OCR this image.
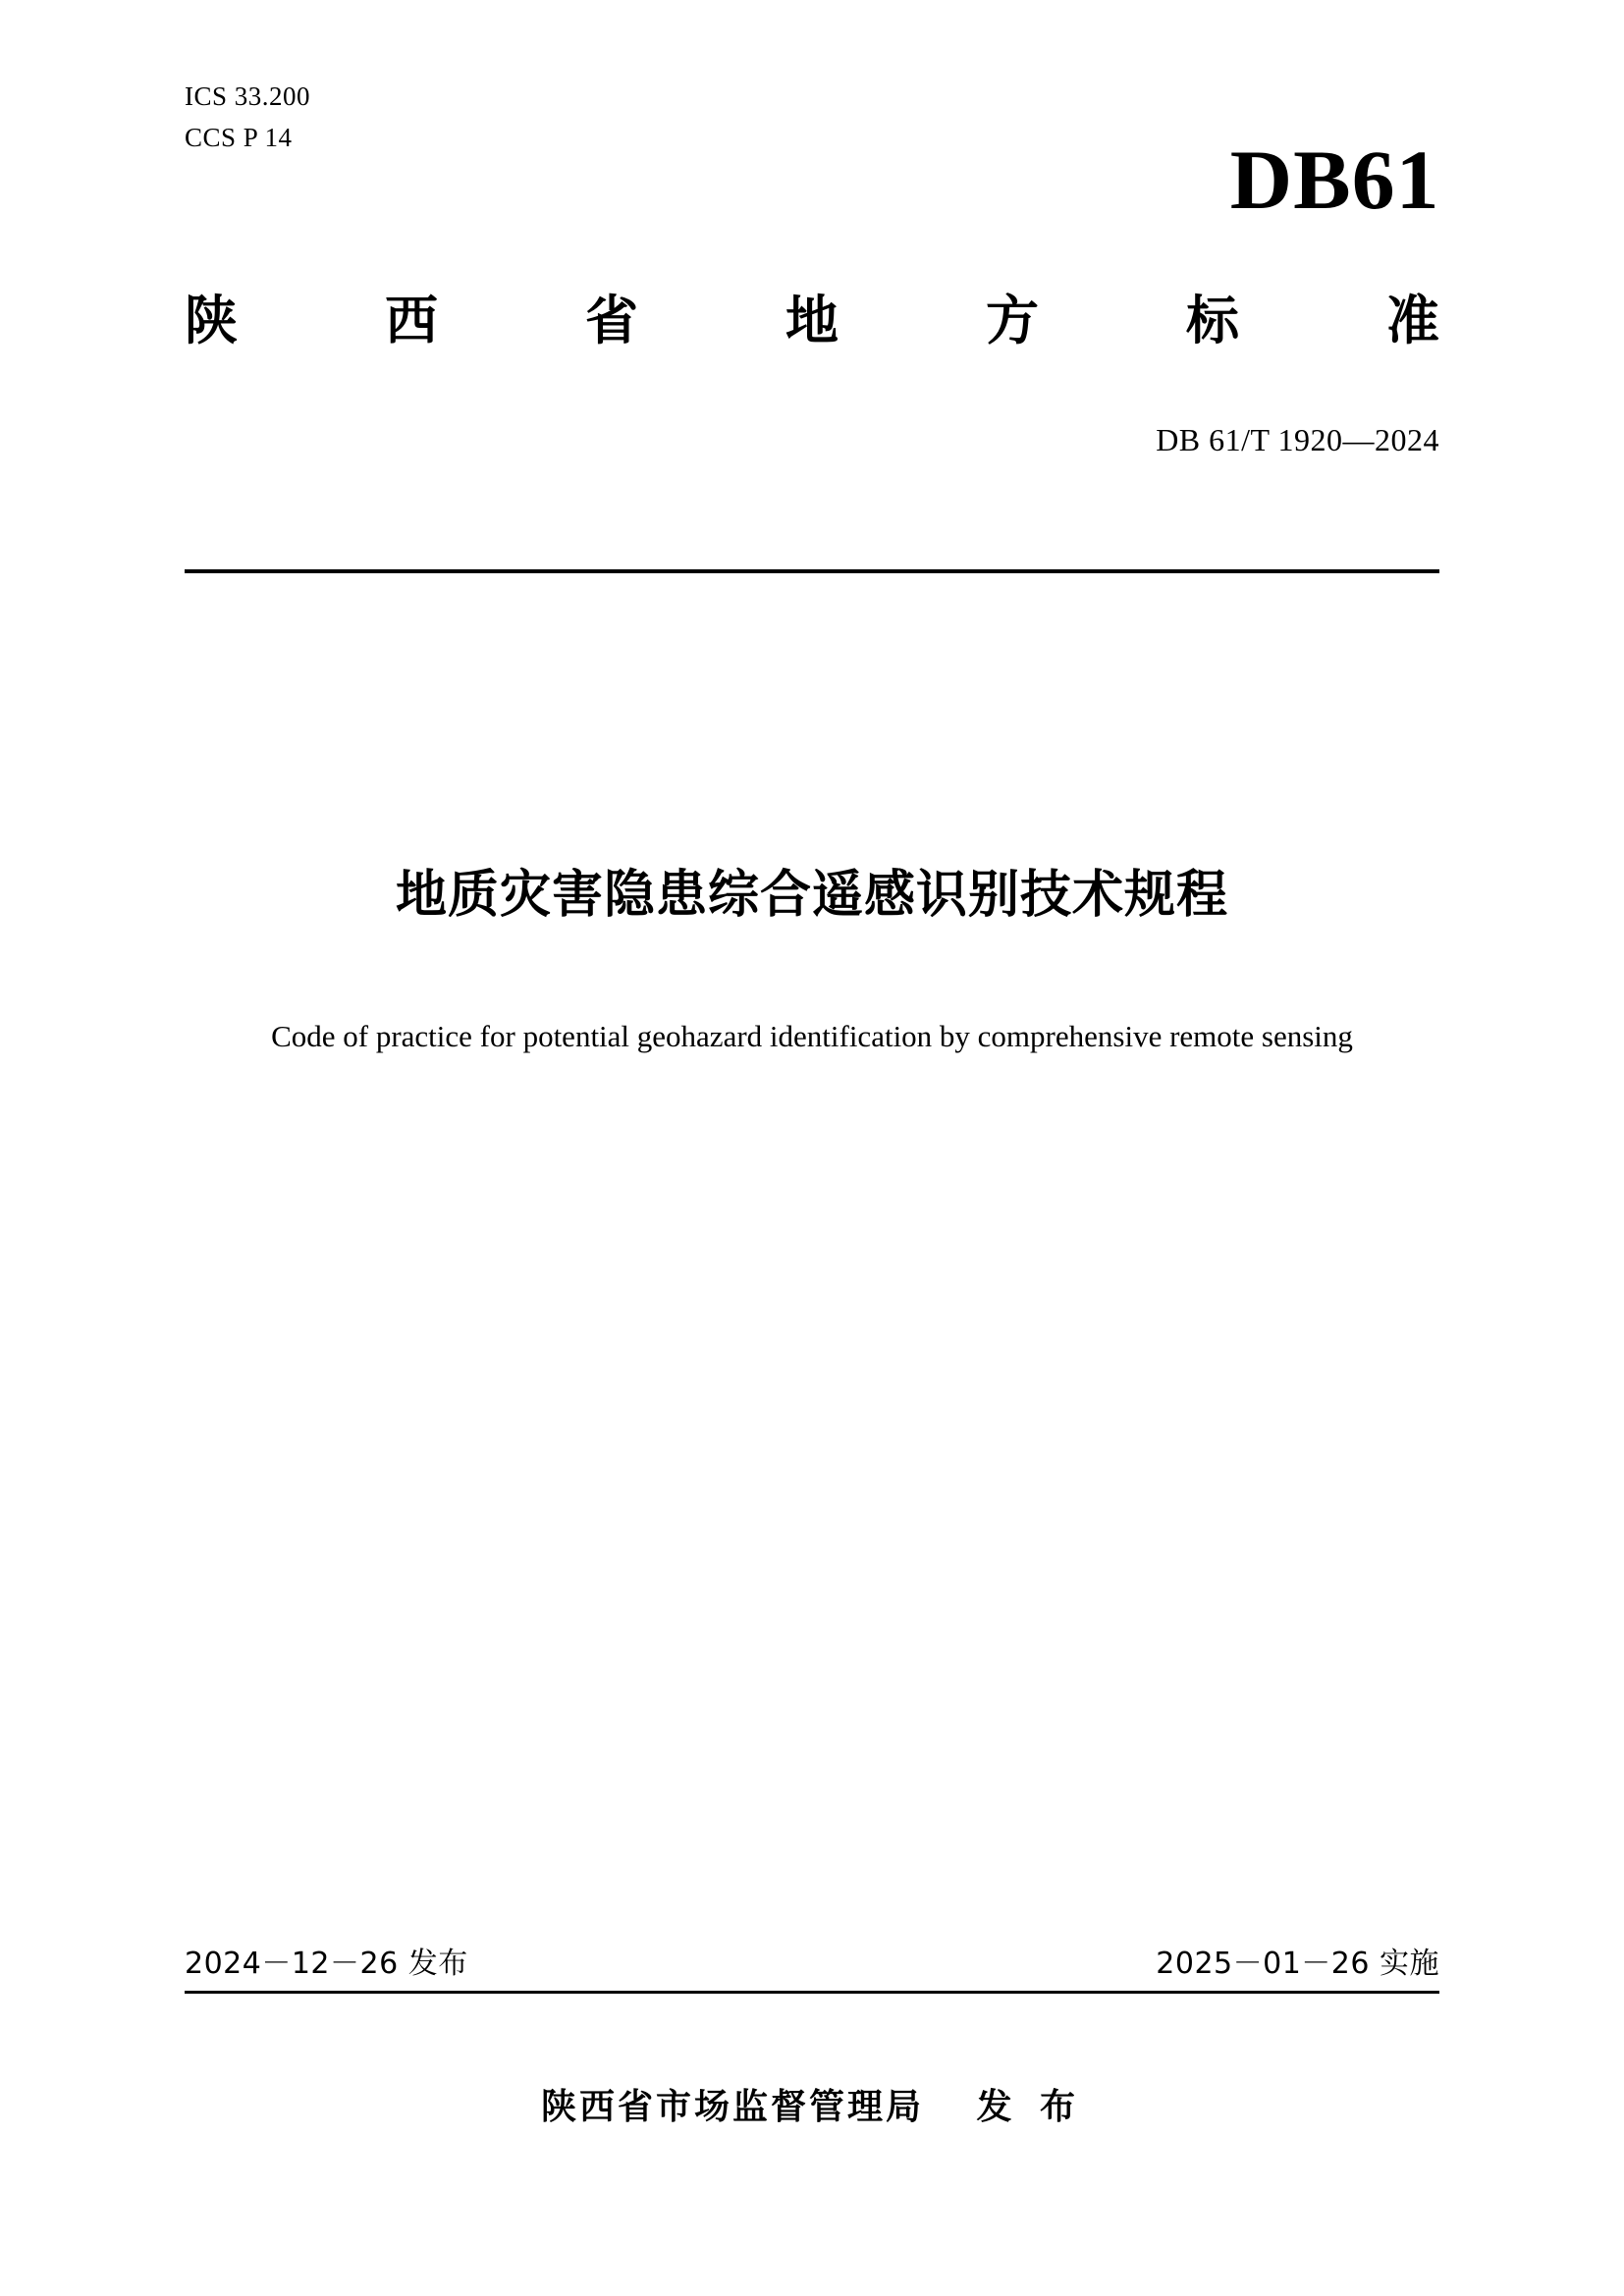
ICS 33.200
CCS P 14	DB61
陕	西	省	地	方	标	准
DB 61/T 1920—2024
地质灾害隐患综合遥感识别技术规程
Code of practice for potential geohazard identification by comprehensive remote sensing
2024－12－26 发布	2025－01－26 实施
陕西省市场监督管理局 发 布
